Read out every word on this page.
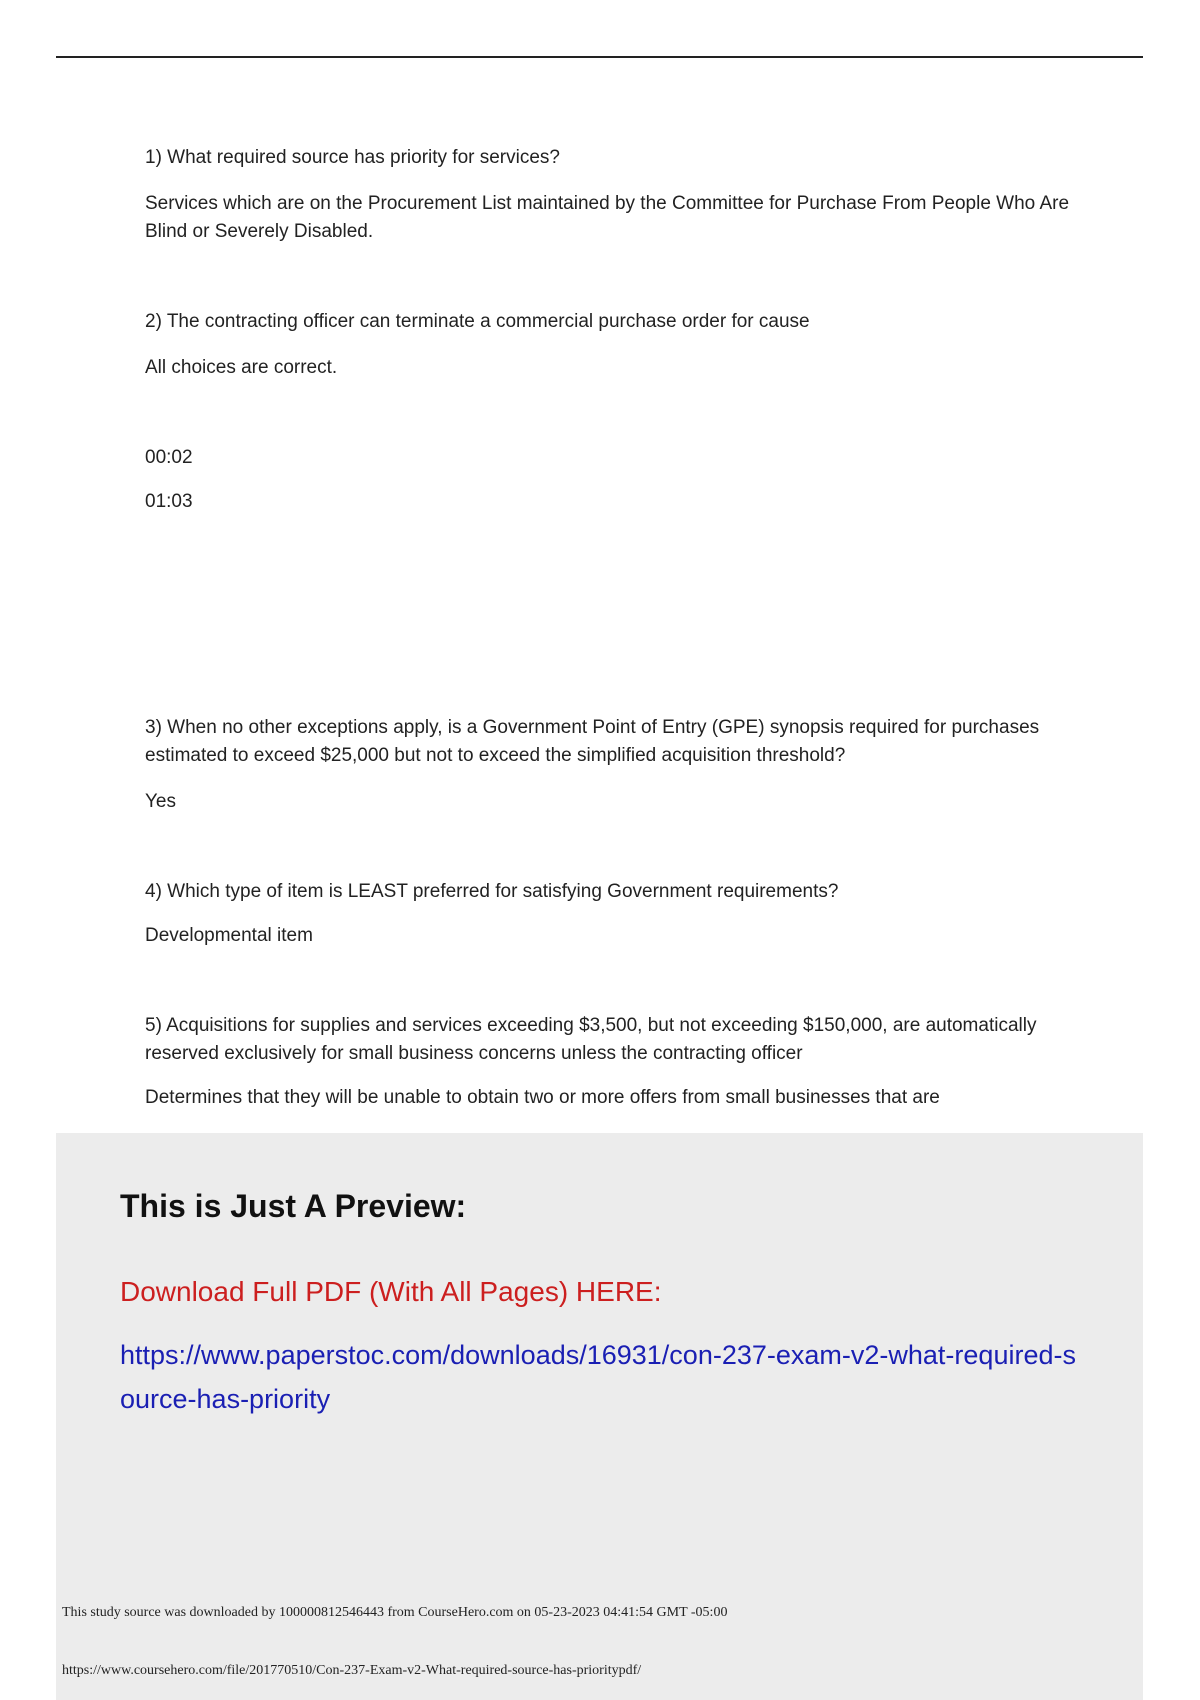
1) What required source has priority for services?

Services which are on the Procurement List maintained by the Committee for Purchase From People Who Are Blind or Severely Disabled.

2) The contracting officer can terminate a commercial purchase order for cause

All choices are correct.

00:02

01:03

3) When no other exceptions apply, is a Government Point of Entry (GPE) synopsis required for purchases estimated to exceed $25,000 but not to exceed the simplified acquisition threshold?

Yes

4) Which type of item is LEAST preferred for satisfying Government requirements?

Developmental item

5) Acquisitions for supplies and services exceeding $3,500, but not exceeding $150,000, are automatically reserved exclusively for small business concerns unless the contracting officer

Determines that they will be unable to obtain two or more offers from small businesses that are

This is Just A Preview:
Download Full PDF (With All Pages) HERE:
https://www.paperstoc.com/downloads/16931/con-237-exam-v2-what-required-source-has-priority
This study source was downloaded by 100000812546443 from CourseHero.com on 05-23-2023 04:41:54 GMT -05:00
https://www.coursehero.com/file/201770510/Con-237-Exam-v2-What-required-source-has-prioritypdf/
